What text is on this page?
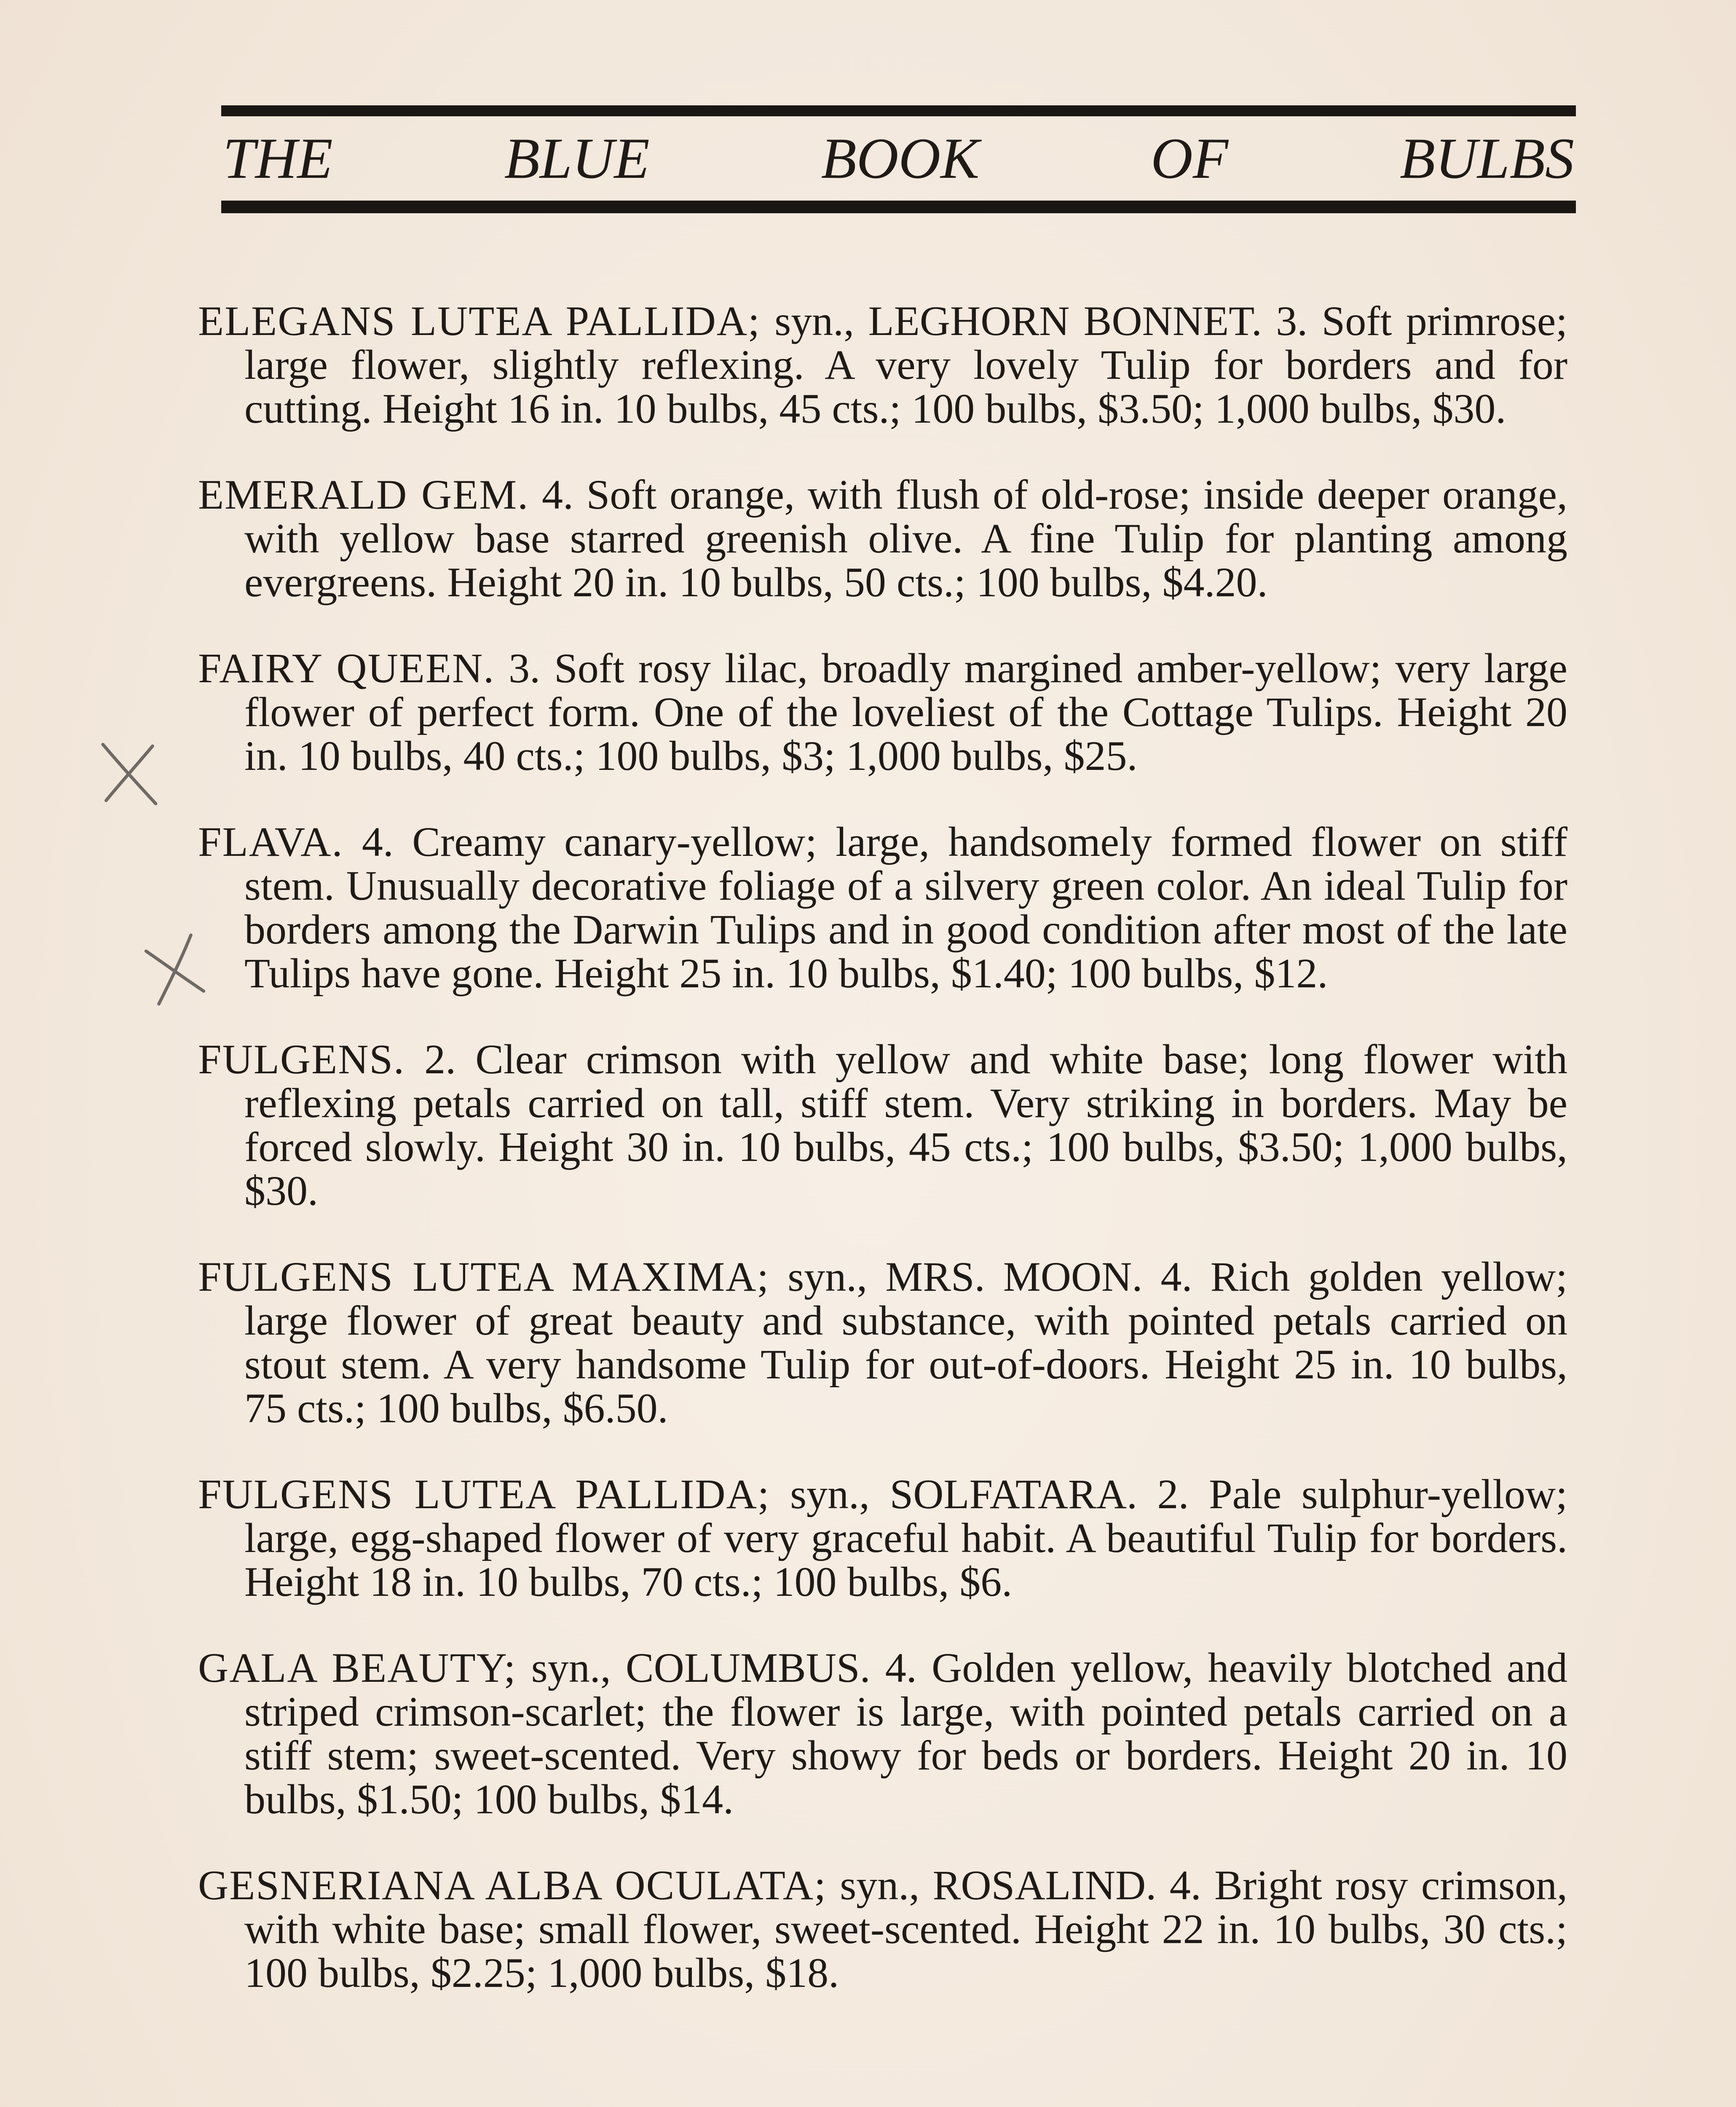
THE	BLUE	BOOK	OF	BULBS

ELEGANS LUTEA PALLIDA; syn., LEGHORN BONNET. 3. Soft primrose; large flower, slightly reflexing. A very lovely Tulip for borders and for cutting. Height 16 in. 10 bulbs, 45 cts.; 100 bulbs, $3.50; 1,000 bulbs, $30.

EMERALD GEM. 4. Soft orange, with flush of old-rose; inside deeper orange, with yellow base starred greenish olive. A fine Tulip for planting among evergreens. Height 20 in. 10 bulbs, 50 cts.; 100 bulbs, $4.20.

FAIRY QUEEN. 3. Soft rosy lilac, broadly margined amber-yellow; very large flower of perfect form. One of the loveliest of the Cottage Tulips. Height 20 in. 10 bulbs, 40 cts.; 100 bulbs, $3; 1,000 bulbs, $25.

FLAVA. 4. Creamy canary-yellow; large, handsomely formed flower on stiff stem. Unusually decorative foliage of a silvery green color. An ideal Tulip for borders among the Darwin Tulips and in good condition after most of the late Tulips have gone. Height 25 in. 10 bulbs, $1.40; 100 bulbs, $12.

FULGENS. 2. Clear crimson with yellow and white base; long flower with reflexing petals carried on tall, stiff stem. Very striking in borders. May be forced slowly. Height 30 in. 10 bulbs, 45 cts.; 100 bulbs, $3.50; 1,000 bulbs, $30.

FULGENS LUTEA MAXIMA; syn., MRS. MOON. 4. Rich golden yellow; large flower of great beauty and substance, with pointed petals carried on stout stem. A very handsome Tulip for out-of-doors. Height 25 in. 10 bulbs, 75 cts.; 100 bulbs, $6.50.

FULGENS LUTEA PALLIDA; syn., SOLFATARA. 2. Pale sulphur-yellow; large, egg-shaped flower of very graceful habit. A beautiful Tulip for borders. Height 18 in. 10 bulbs, 70 cts.; 100 bulbs, $6.

GALA BEAUTY; syn., COLUMBUS. 4. Golden yellow, heavily blotched and striped crimson-scarlet; the flower is large, with pointed petals carried on a stiff stem; sweet-scented. Very showy for beds or borders. Height 20 in. 10 bulbs, $1.50; 100 bulbs, $14.

GESNERIANA ALBA OCULATA; syn., ROSALIND. 4. Bright rosy crimson, with white base; small flower, sweet-scented. Height 22 in. 10 bulbs, 30 cts.; 100 bulbs, $2.25; 1,000 bulbs, $18.
